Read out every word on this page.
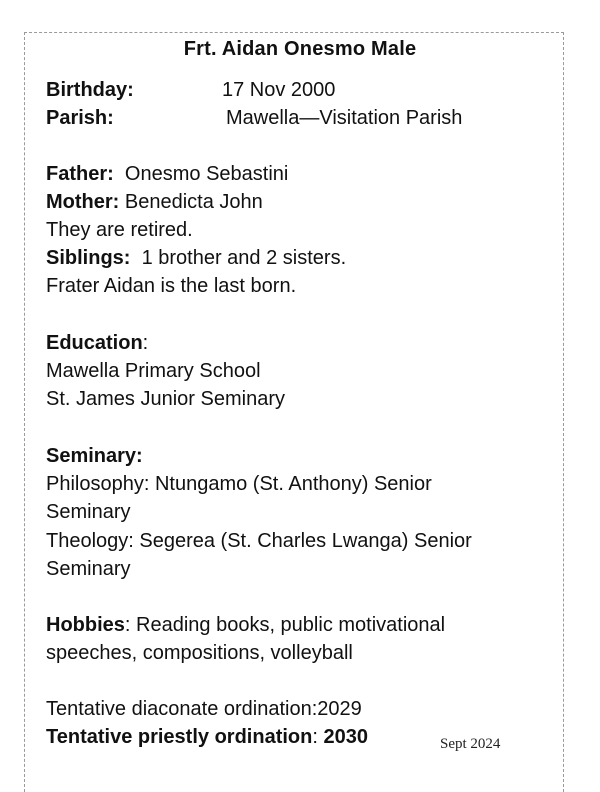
Frt. Aidan Onesmo Male
Birthday:	17 Nov 2000
Parish:	Mawella—Visitation Parish
Father: Onesmo Sebastini
Mother: Benedicta John
They are retired.
Siblings: 1 brother and 2 sisters.
Frater Aidan is the last born.
Education:
Mawella Primary School
St. James Junior Seminary
Seminary:
Philosophy: Ntungamo (St. Anthony) Senior
Seminary
Theology: Segerea (St. Charles Lwanga) Senior
Seminary
Hobbies: Reading books, public motivational
speeches, compositions, volleyball
Tentative diaconate ordination:2029
Tentative priestly ordination: 2030	Sept 2024
